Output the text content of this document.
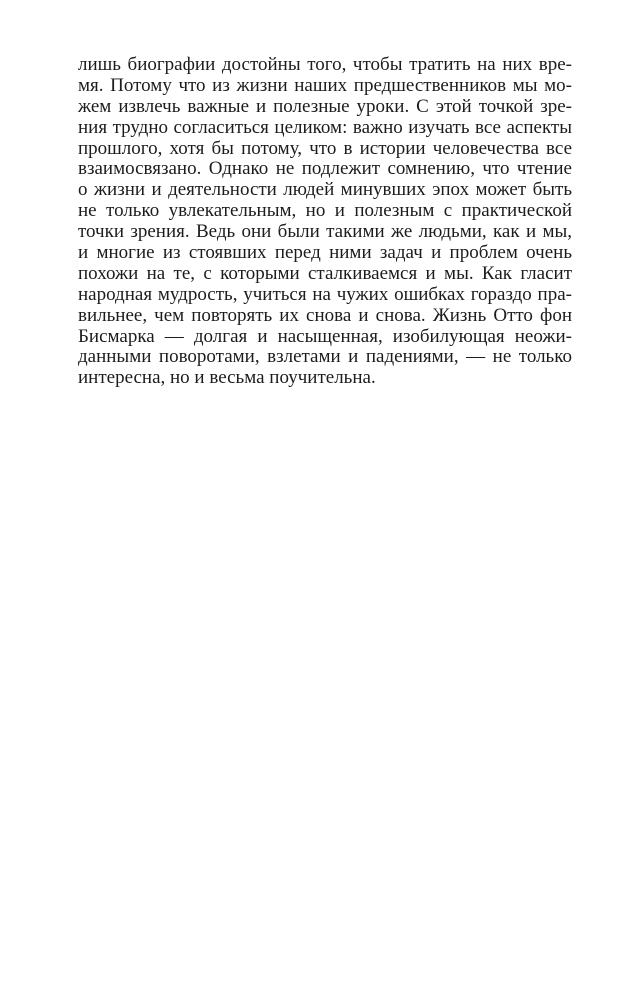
лишь биографии достойны того, чтобы тратить на них вре-
мя. Потому что из жизни наших предшественников мы мо-
жем извлечь важные и полезные уроки. С этой точкой зре-
ния трудно согласиться целиком: важно изучать все аспекты
прошлого, хотя бы потому, что в истории человечества все
взаимосвязано. Однако не подлежит сомнению, что чтение
о жизни и деятельности людей минувших эпох может быть
не только увлекательным, но и полезным с практической
точки зрения. Ведь они были такими же людьми, как и мы,
и многие из стоявших перед ними задач и проблем очень
похожи на те, с которыми сталкиваемся и мы. Как гласит
народная мудрость, учиться на чужих ошибках гораздо пра-
вильнее, чем повторять их снова и снова. Жизнь Отто фон
Бисмарка — долгая и насыщенная, изобилующая неожи-
данными поворотами, взлетами и падениями, — не только
интересна, но и весьма поучительна.
